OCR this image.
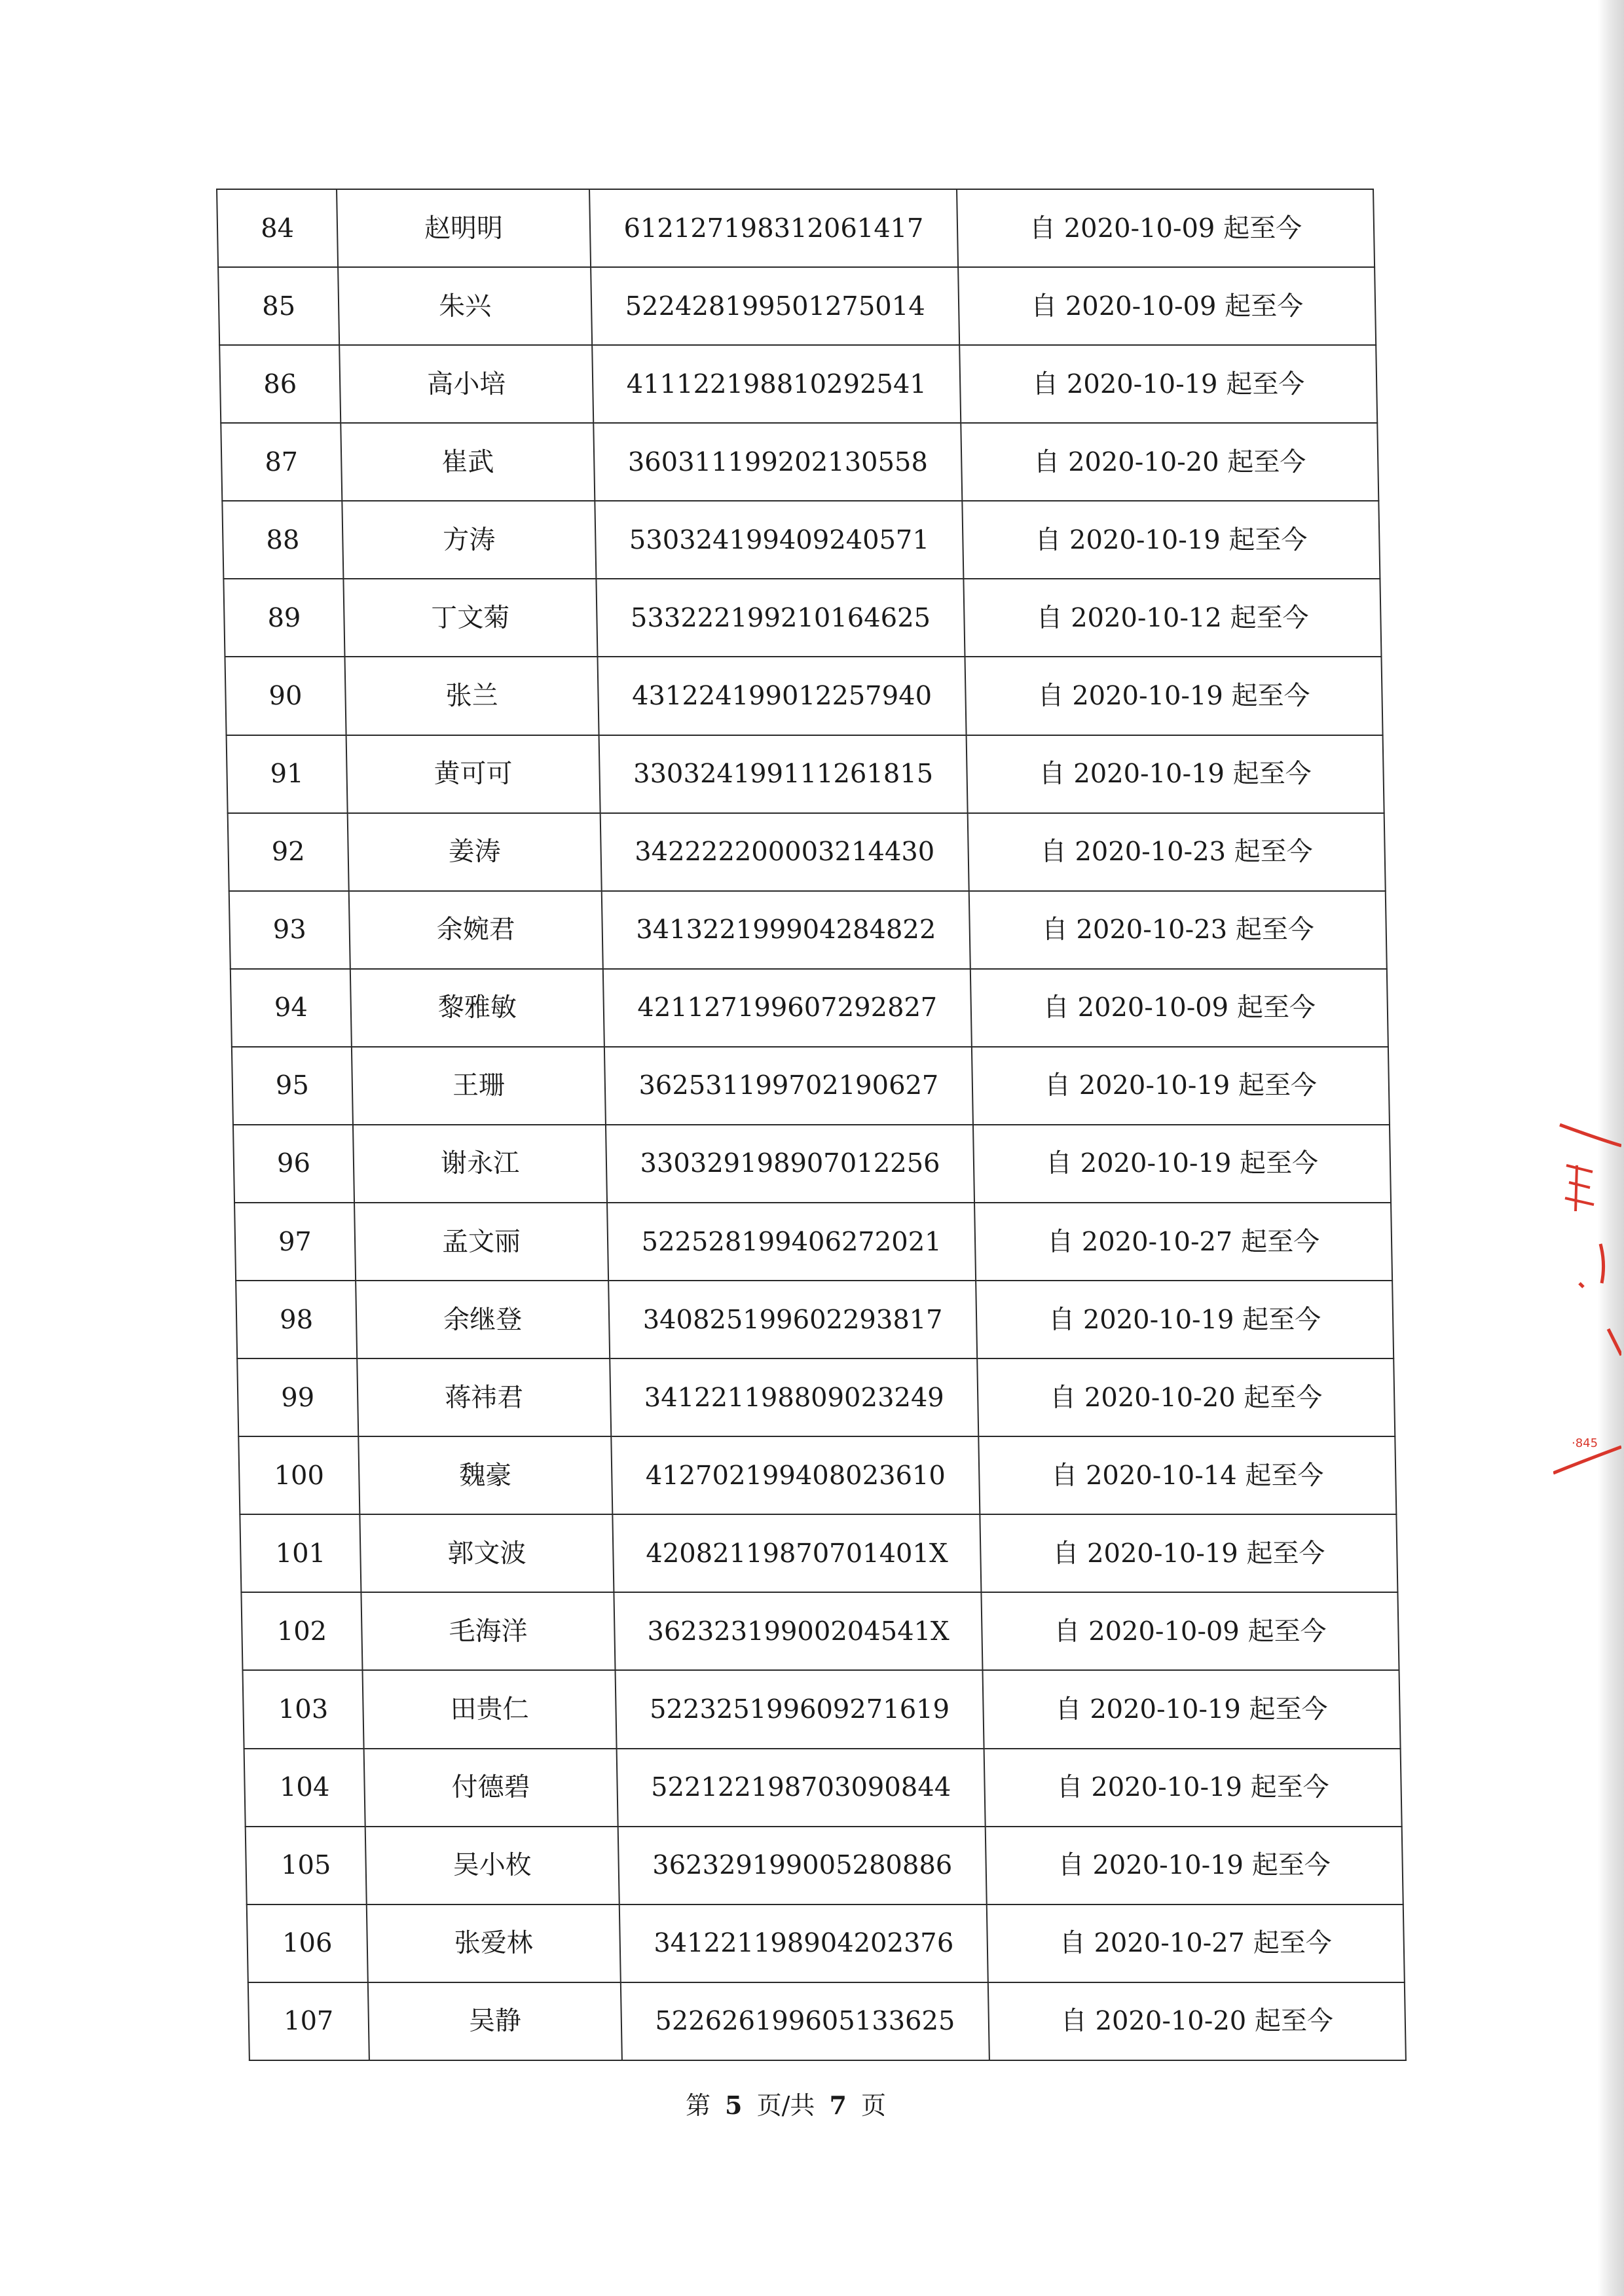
84	赵明明	612127198312061417	自 2020-10-09 起至今
85	朱兴	522428199501275014	自 2020-10-09 起至今
86	高小培	411122198810292541	自 2020-10-19 起至今
87	崔武	360311199202130558	自 2020-10-20 起至今
88	方涛	530324199409240571	自 2020-10-19 起至今
89	丁文菊	533222199210164625	自 2020-10-12 起至今
90	张兰	431224199012257940	自 2020-10-19 起至今
91	黄可可	330324199111261815	自 2020-10-19 起至今
92	姜涛	342222200003214430	自 2020-10-23 起至今
93	余婉君	341322199904284822	自 2020-10-23 起至今
94	黎雅敏	421127199607292827	自 2020-10-09 起至今
95	王珊	362531199702190627	自 2020-10-19 起至今
96	谢永江	330329198907012256	自 2020-10-19 起至今
97	孟文丽	522528199406272021	自 2020-10-27 起至今
98	余继登	340825199602293817	自 2020-10-19 起至今
99	蒋祎君	341221198809023249	自 2020-10-20 起至今
100	魏豪	412702199408023610	自 2020-10-14 起至今
101	郭文波	42082119870701401X	自 2020-10-19 起至今
102	毛海洋	36232319900204541X	自 2020-10-09 起至今
103	田贵仁	522325199609271619	自 2020-10-19 起至今
104	付德碧	522122198703090844	自 2020-10-19 起至今
105	吴小枚	362329199005280886	自 2020-10-19 起至今
106	张爱林	341221198904202376	自 2020-10-27 起至今
107	吴静	522626199605133625	自 2020-10-20 起至今
第 5 页/共 7 页
·845
